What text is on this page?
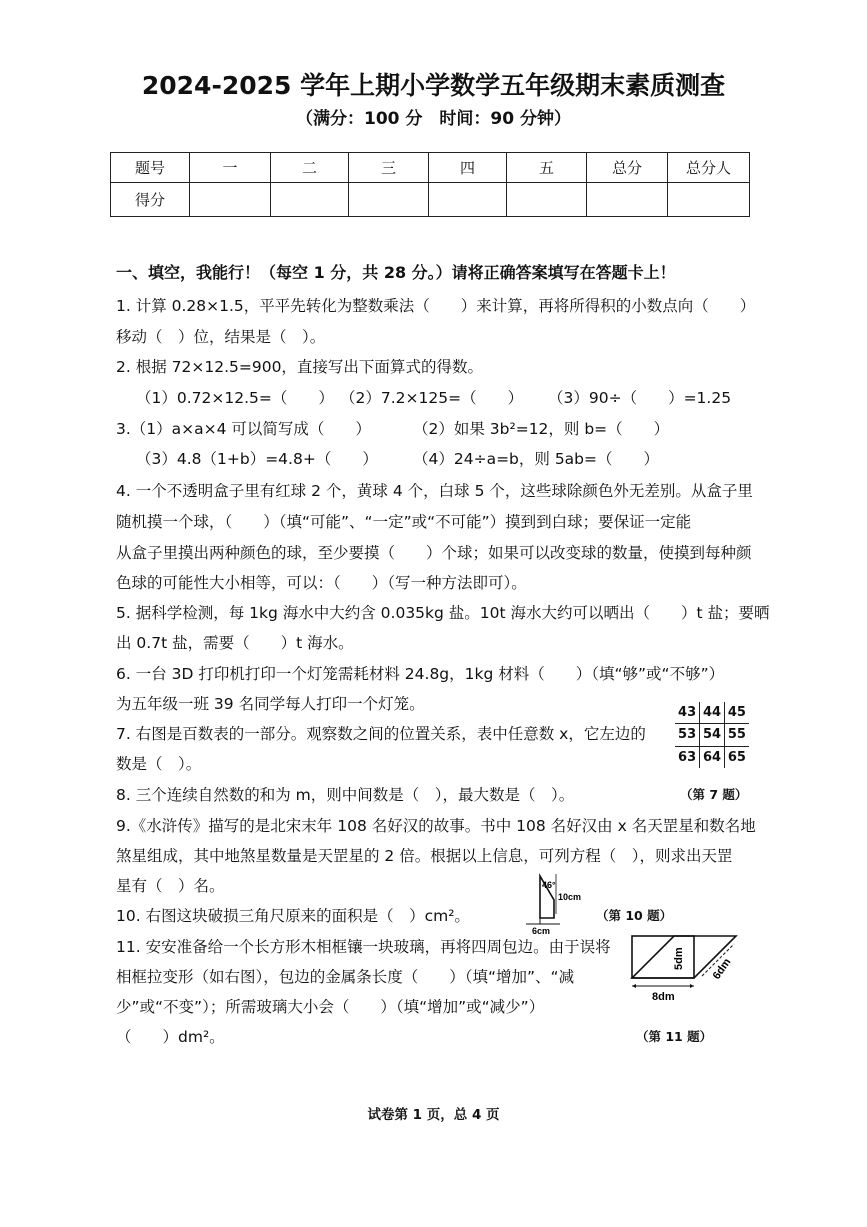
2024-2025 学年上期小学数学五年级期末素质测查
（满分：100 分　时间：90 分钟）
题号	一	二	三	四	五	总分	总分人
得分							
一、填空，我能行！（每空 1 分，共 28 分。）请将正确答案填写在答题卡上！
1. 计算 0.28×1.5，平平先转化为整数乘法（　　）来计算，再将所得积的小数点向（　　）
移动（　）位，结果是（　）。
2. 根据 72×12.5=900，直接写出下面算式的得数。
（1）0.72×12.5=（　　） （2）7.2×125=（　　） （3）90÷（　　）=1.25
3.（1）a×a×4 可以简写成（　　）	（2）如果 3b²=12，则 b=（　　）
（3）4.8（1+b）=4.8+（　　） （4）24÷a=b，则 5ab=（　　）
4. 一个不透明盒子里有红球 2 个，黄球 4 个，白球 5 个，这些球除颜色外无差别。从盒子里
随机摸一个球，（　　）（填“可能”、“一定”或“不可能”）摸到到白球；要保证一定能
从盒子里摸出两种颜色的球，至少要摸（　　）个球；如果可以改变球的数量，使摸到每种颜
色球的可能性大小相等，可以：（　　）（写一种方法即可）。
5. 据科学检测，每 1kg 海水中大约含 0.035kg 盐。10t 海水大约可以晒出（　　）t 盐；要晒
出 0.7t 盐，需要（　　）t 海水。
6. 一台 3D 打印机打印一个灯笼需耗材料 24.8g，1kg 材料（　　）（填“够”或“不够”）
为五年级一班 39 名同学每人打印一个灯笼。
7. 右图是百数表的一部分。观察数之间的位置关系，表中任意数 x，它左边的
数是（　）。
43	44	45
53	54	55
63	64	65
8. 三个连续自然数的和为 m，则中间数是（　），最大数是（　）。	（第 7 题）
9.《水浒传》描写的是北宋末年 108 名好汉的故事。书中 108 名好汉由 x 名天罡星和数名地
煞星组成，其中地煞星数量是天罡星的 2 倍。根据以上信息，可列方程（　），则求出天罡
星有（　）名。
10. 右图这块破损三角尺原来的面积是（　）cm²。
46°
10cm
6cm
（第 10 题）
11. 安安准备给一个长方形木相框镶一块玻璃，再将四周包边。由于误将
相框拉变形（如右图），包边的金属条长度（　　）（填“增加”、“减
少”或“不变”）；所需玻璃大小会（　　）（填“增加”或“减少”）
（　　）dm²。
5dm
8dm
6dm
（第 11 题）
试卷第 1 页，总 4 页
